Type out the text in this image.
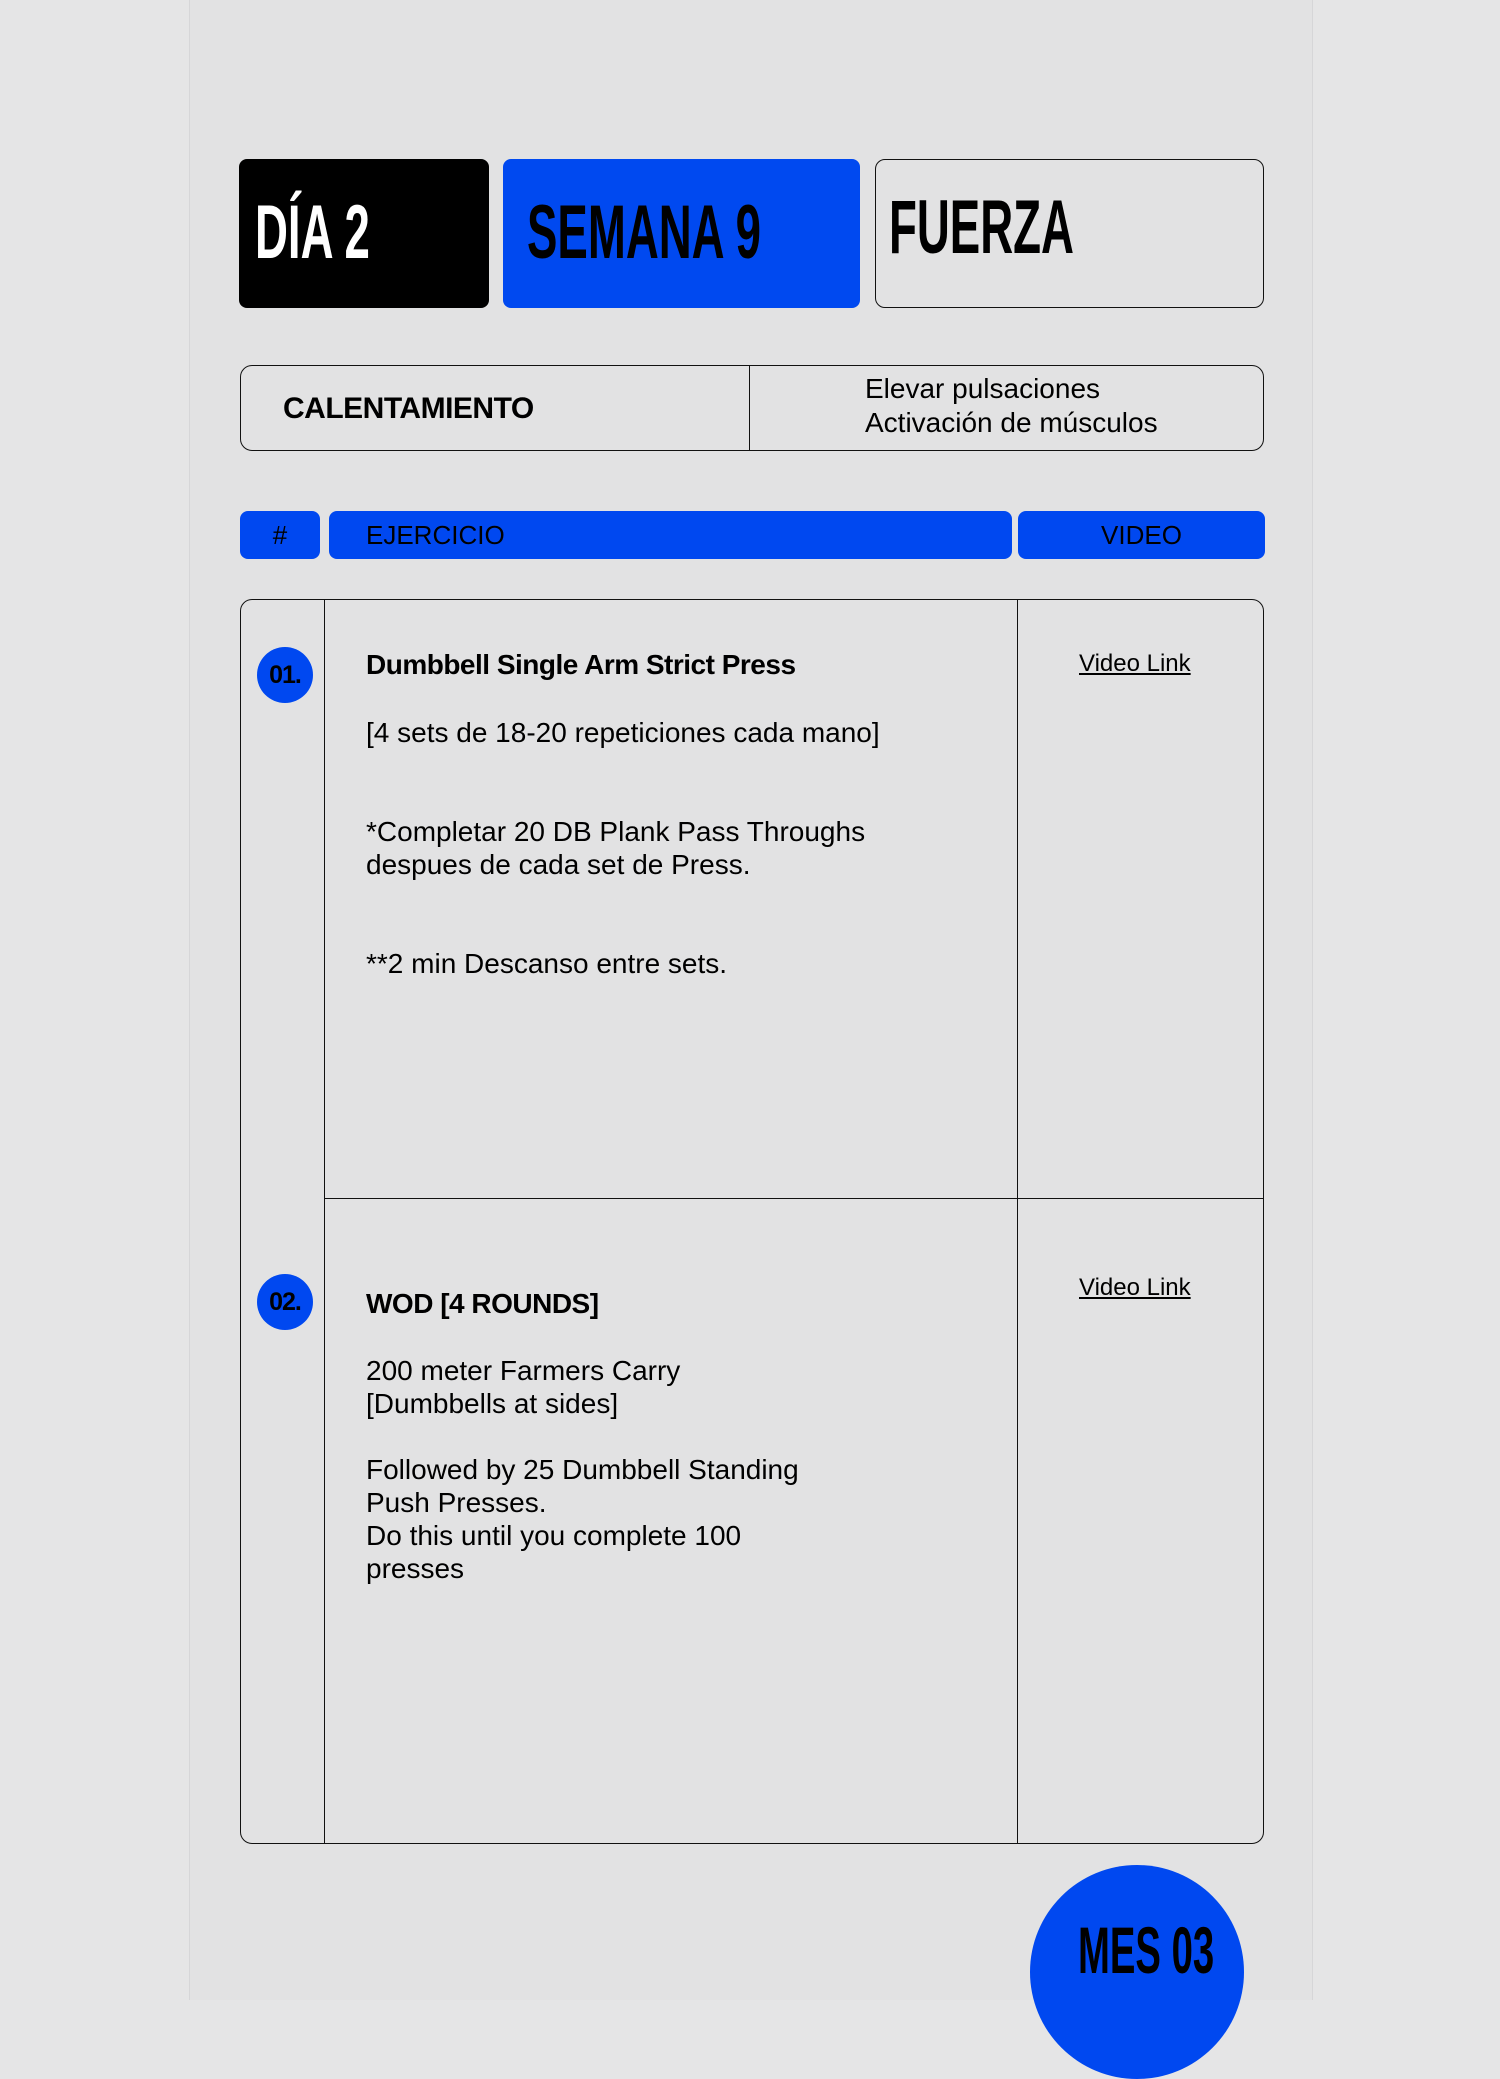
DÍA 2 SEMANA 9 FUERZA
CALENTAMIENTO
Elevar pulsaciones
Activación de músculos
#	EJERCICIO	VIDEO
01.	Dumbbell Single Arm Strict Press
[4 sets de 18-20 repeticiones cada mano]

*Completar 20 DB Plank Pass Throughs
despues de cada set de Press.

**2 min Descanso entre sets.
Video Link
02.	WOD [4 ROUNDS]
200 meter Farmers Carry
[Dumbbells at sides]

Followed by 25 Dumbbell Standing
Push Presses.
Do this until you complete 100
presses
Video Link
MES 03
